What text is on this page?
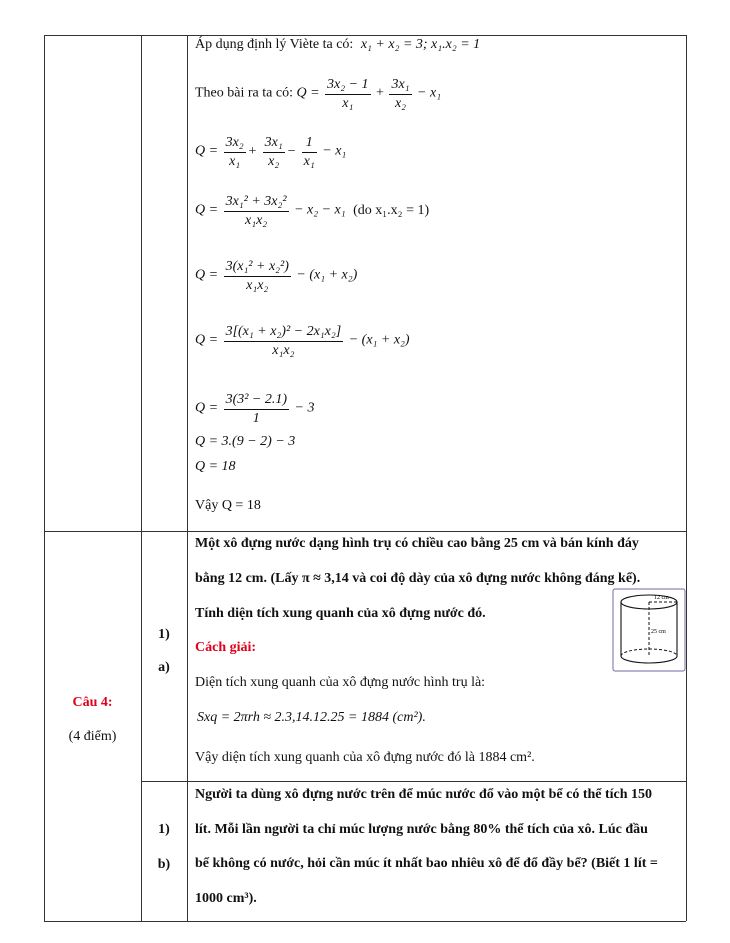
Áp dụng định lý Viète ta có: x₁ + x₂ = 3; x₁.x₂ = 1
Theo bài ra ta có: $Q = \frac{\text{3x₂ − 1}}{\text{x₁}} + \frac{\text{3x₁}}{\text{x₂}} - x_1$
$Q = \frac{\text{3x₂}}{\text{x₁}} + \frac{\text{3x₁}}{\text{x₂}} - \frac{1}{\text{x₁}} - x_1$
$Q = \frac{\text{3x₁² + 3x₂²}}{\text{x₁x₂}} - x_2 - x_1$ (do x₁.x₂ = 1)
$Q = \frac{\text{3(x₁² + x₂²)}}{\text{x₁x₂}} - (x_1 + x_2)$
$Q = \frac{\text{3[(x₁ + x₂)² − 2x₁x₂]}}{\text{x₁x₂}} - (x_1 + x_2)$
$Q = \frac{\text{3(3² − 2.1)}}{1} - 3$
Q = 3.(9 − 2) − 3
Q = 18
Vậy Q = 18
Câu 4:
(4 điểm)
1)
a)
Một xô đựng nước dạng hình trụ có chiều cao bằng 25 cm và bán kính đáy
bằng 12 cm. (Lấy π ≈ 3,14 và coi độ dày của xô đựng nước không đáng kể).
Tính diện tích xung quanh của xô đựng nước đó.
Cách giải:
Diện tích xung quanh của xô đựng nước hình trụ là:
Sxq = 2πrh ≈ 2.3,14.12.25 = 1884 (cm²).
Vậy diện tích xung quanh của xô đựng nước đó là 1884 cm².
12 cm
25 cm
1)
b)
Người ta dùng xô đựng nước trên để múc nước đổ vào một bể có thể tích 150
lít. Mỗi lần người ta chỉ múc lượng nước bằng 80% thể tích của xô. Lúc đầu
bể không có nước, hỏi cần múc ít nhất bao nhiêu xô để đổ đầy bể? (Biết 1 lít =
1000 cm³).
